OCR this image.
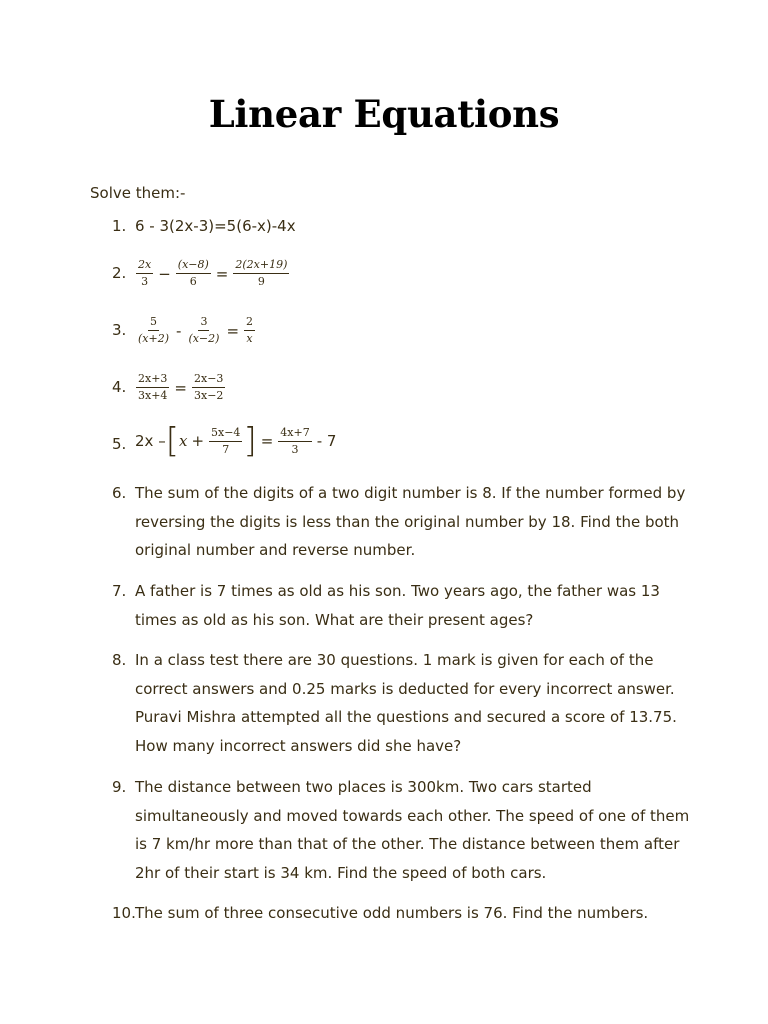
Linear Equations
Solve them:-
1. 6 - 3(2x-3)=5(6-x)-4x
2. $\frac{2x}{3} - \frac{(x-8)}{6} = \frac{2(2x+19)}{9}$
3. $\frac{5}{(x+2)} - \frac{3}{(x-2)} = \frac{2}{x}$
4. $\frac{2x+3}{3x+4} = \frac{2x-3}{3x-2}$
5. 2x – [ $x + \frac{5x-4}{7}$ ] = $\frac{4x+7}{3} - 7$
6. The sum of the digits of a two digit number is 8. If the number formed by reversing the digits is less than the original number by 18. Find the both original number and reverse number.
7. A father is 7 times as old as his son. Two years ago, the father was 13 times as old as his son. What are their present ages?
8. In a class test there are 30 questions. 1 mark is given for each of the correct answers and 0.25 marks is deducted for every incorrect answer. Puravi Mishra attempted all the questions and secured a score of 13.75. How many incorrect answers did she have?
9. The distance between two places is 300km. Two cars started simultaneously and moved towards each other. The speed of one of them is 7 km/hr more than that of the other. The distance between them after 2hr of their start is 34 km. Find the speed of both cars.
10. The sum of three consecutive odd numbers is 76. Find the numbers.
